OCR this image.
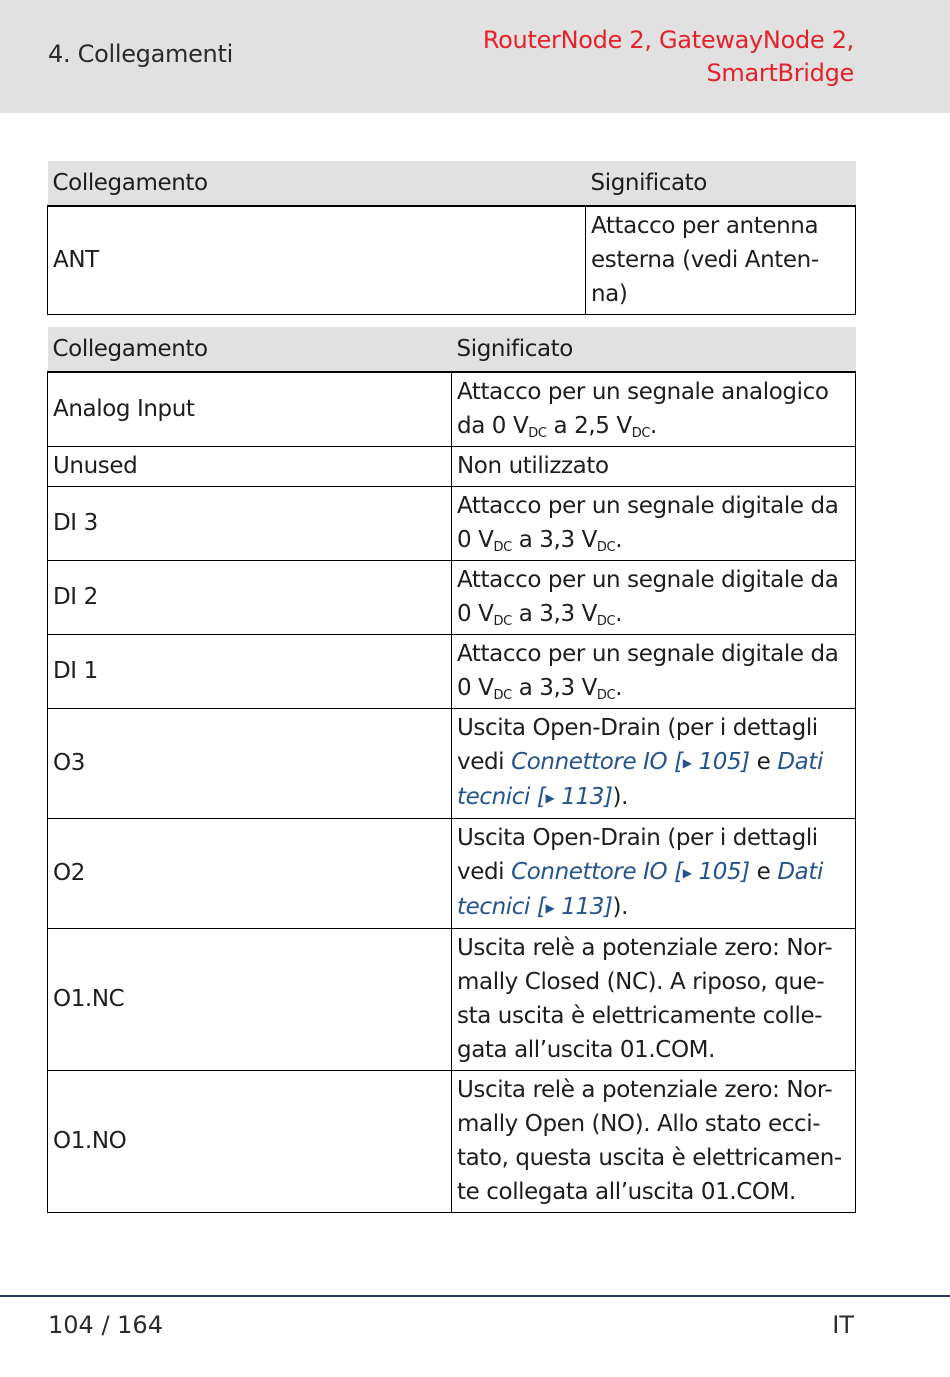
4. Collegamenti	RouterNode 2, GatewayNode 2,
SmartBridge
Collegamento	Significato
ANT	Attacco per antenna
esterna (vedi Anten-
na)
Collegamento	Significato
Analog Input	Attacco per un segnale analogico
da 0 $V_{DC}$ a 2,5 $V_{DC}$.
Unused	Non utilizzato
DI 3	Attacco per un segnale digitale da
0 $V_{DC}$ a 3,3 $V_{DC}$.
DI 2	Attacco per un segnale digitale da
0 $V_{DC}$ a 3,3 $V_{DC}$.
DI 1	Attacco per un segnale digitale da
0 $V_{DC}$ a 3,3 $V_{DC}$.
O3	Uscita Open-Drain (per i dettagli
vedi Connettore IO [▶ 105] e Dati
tecnici [▶ 113]).
O2	Uscita Open-Drain (per i dettagli
vedi Connettore IO [▶ 105] e Dati
tecnici [▶ 113]).
O1.NC	Uscita relè a potenziale zero: Nor-
mally Closed (NC). A riposo, que-
sta uscita è elettricamente colle-
gata all’uscita 01.COM.
O1.NO	Uscita relè a potenziale zero: Nor-
mally Open (NO). Allo stato ecci-
tato, questa uscita è elettricamen-
te collegata all’uscita 01.COM.
104 / 164	IT
